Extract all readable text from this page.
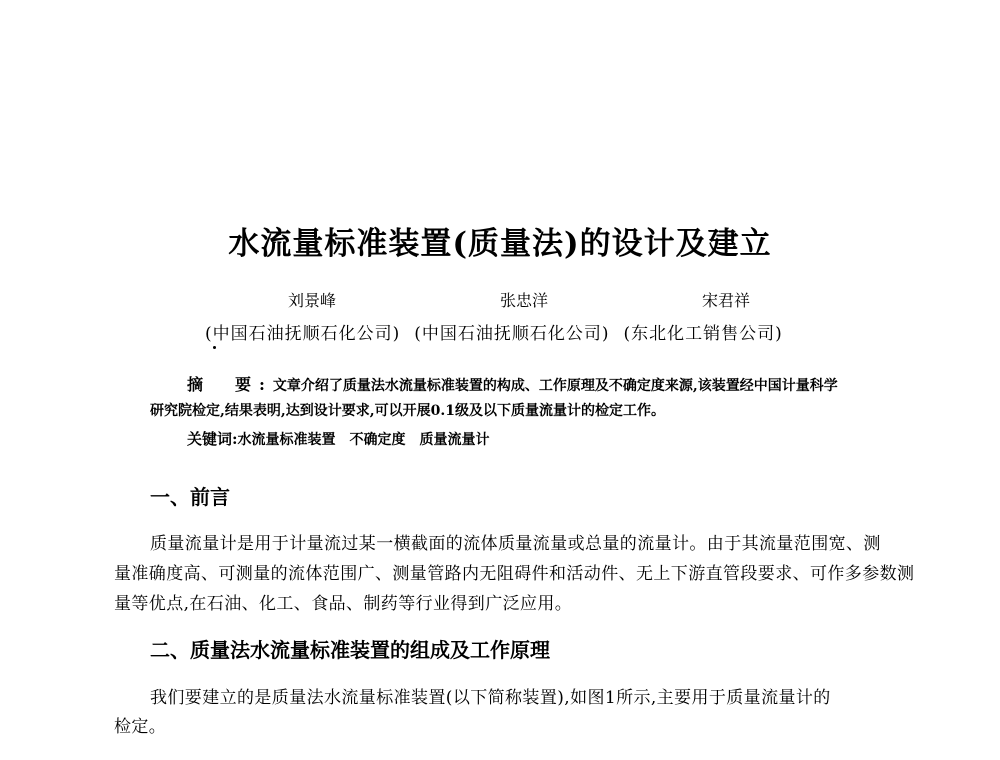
水流量标准装置(质量法)的设计及建立
刘景峰	张忠洋	宋君祥
(中国石油抚顺石化公司) (中国石油抚顺石化公司) (东北化工销售公司)
摘　要:文章介绍了质量法水流量标准装置的构成、工作原理及不确定度来源,该装置经中国计量科学
研究院检定,结果表明,达到设计要求,可以开展0.1级及以下质量流量计的检定工作。
关键词:水流量标准装置　不确定度　质量流量计
一、前言
质量流量计是用于计量流过某一横截面的流体质量流量或总量的流量计。由于其流量范围宽、测
量准确度高、可测量的流体范围广、测量管路内无阻碍件和活动件、无上下游直管段要求、可作多参数测
量等优点,在石油、化工、食品、制药等行业得到广泛应用。
二、质量法水流量标准装置的组成及工作原理
我们要建立的是质量法水流量标准装置(以下简称装置),如图1所示,主要用于质量流量计的
检定。
